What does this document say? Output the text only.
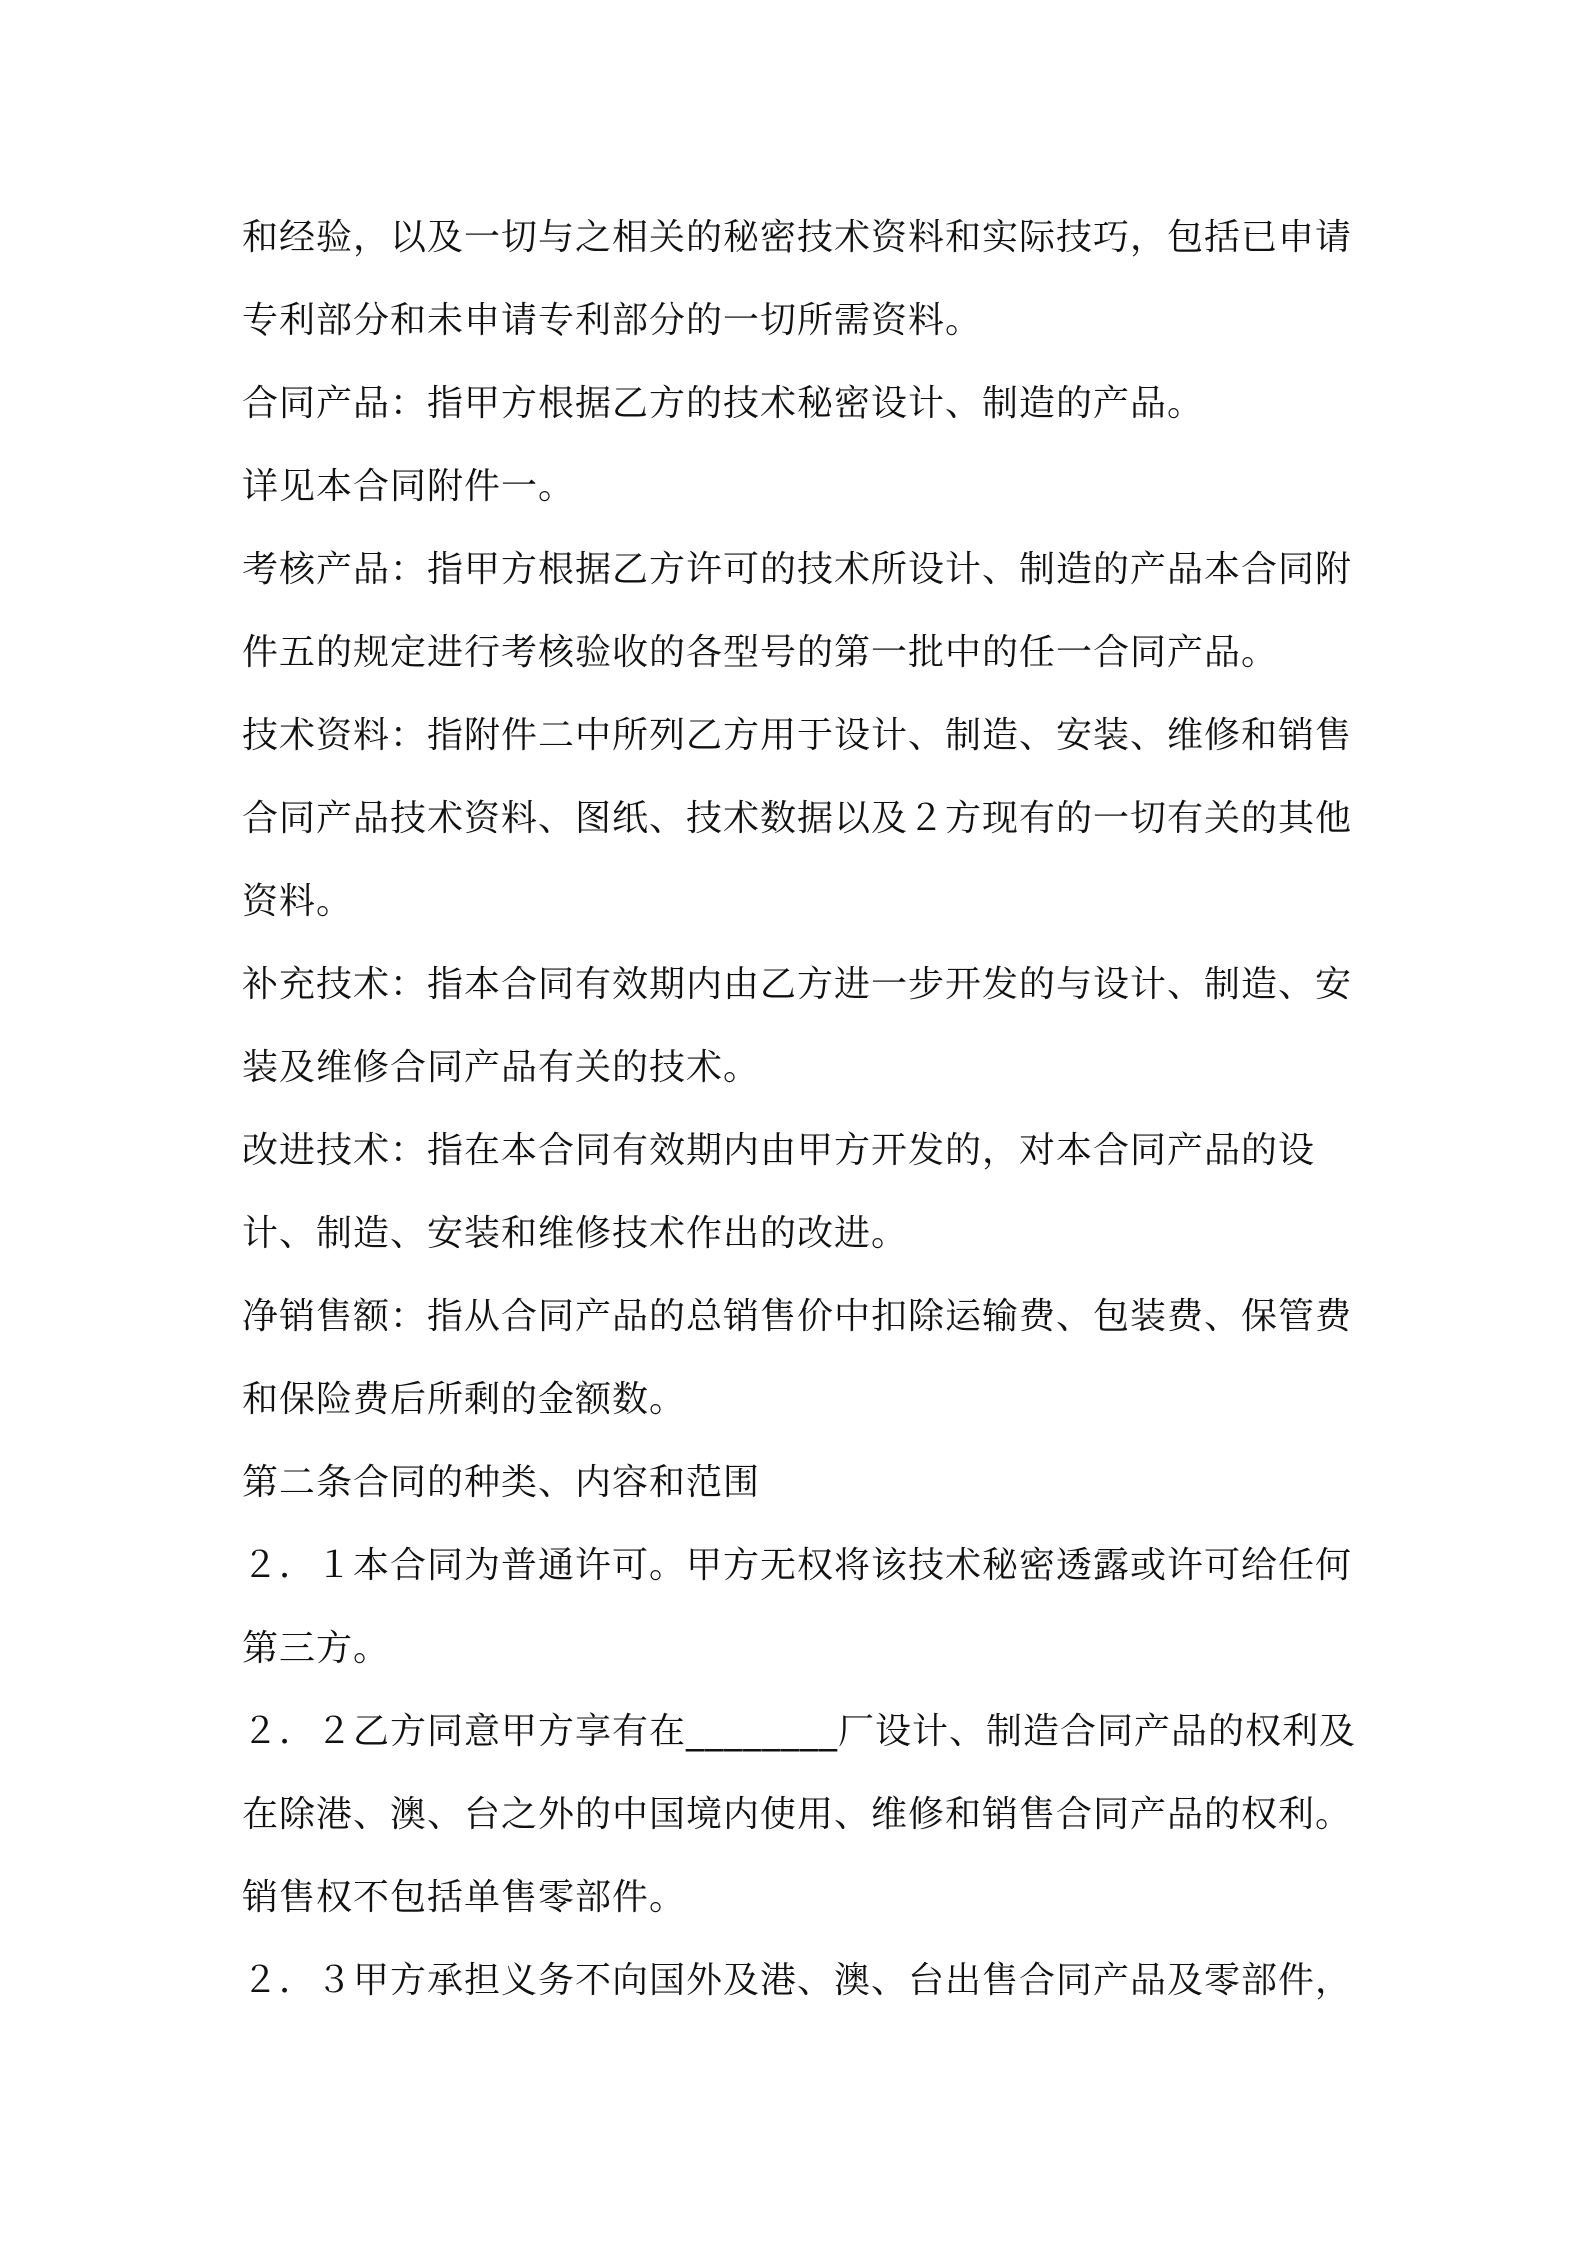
和经验，以及一切与之相关的秘密技术资料和实际技巧，包括已申请专利部分和未申请专利部分的一切所需资料。

合同产品：指甲方根据乙方的技术秘密设计、制造的产品。

详见本合同附件一。

考核产品：指甲方根据乙方许可的技术所设计、制造的产品本合同附件五的规定进行考核验收的各型号的第一批中的任一合同产品。

技术资料：指附件二中所列乙方用于设计、制造、安装、维修和销售合同产品技术资料、图纸、技术数据以及２方现有的一切有关的其他资料。

补充技术：指本合同有效期内由乙方进一步开发的与设计、制造、安装及维修合同产品有关的技术。

改进技术：指在本合同有效期内由甲方开发的，对本合同产品的设计、制造、安装和维修技术作出的改进。

净销售额：指从合同产品的总销售价中扣除运输费、包装费、保管费和保险费后所剩的金额数。

第二条合同的种类、内容和范围

２．１本合同为普通许可。甲方无权将该技术秘密透露或许可给任何第三方。

２．２乙方同意甲方享有在________厂设计、制造合同产品的权利及在除港、澳、台之外的中国境内使用、维修和销售合同产品的权利。销售权不包括单售零部件。

２．３甲方承担义务不向国外及港、澳、台出售合同产品及零部件，
